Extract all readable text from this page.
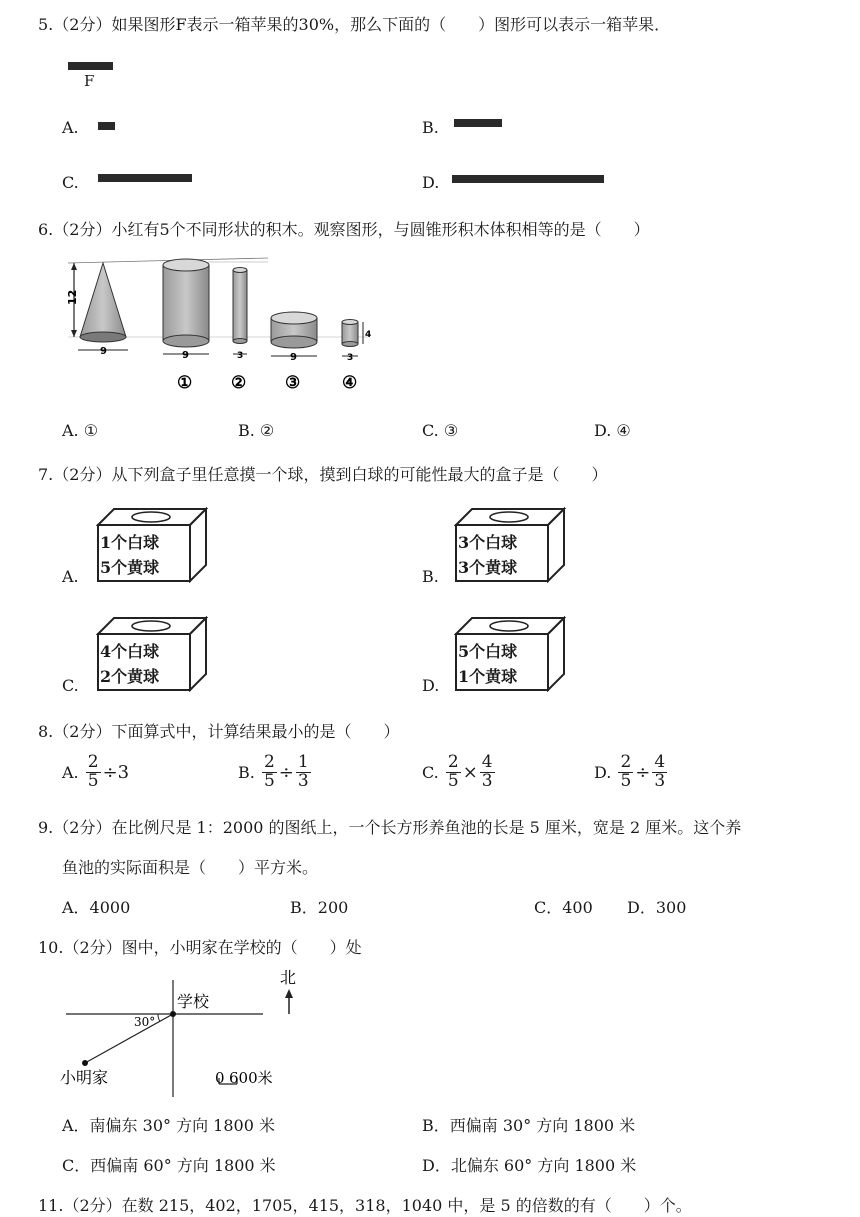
5.（2分）如果图形F表示一箱苹果的30%，那么下面的（　　）图形可以表示一箱苹果．
F
A.	B.
C.	D.
6.（2分）小红有5个不同形状的积木。观察图形，与圆锥形积木体积相等的是（　　）
12
9	9	3	9	3
4
① ② ③ ④
A. ①	B. ②	C. ③	D. ④
7.（2分）从下列盒子里任意摸一个球，摸到白球的可能性最大的盒子是（　　）
A.
1个白球
5个黄球	B.
3个白球
3个黄球
C.
4个白球
2个黄球	D.
5个白球
1个黄球
8.（2分）下面算式中，计算结果最小的是（　　）
A.
$\frac{2}{5} \div 3$	B.
$\frac{2}{5} \div \frac{1}{3}$	C.
$\frac{2}{5} \times \frac{4}{3}$	D.
$\frac{2}{5} \div \frac{4}{3}$
9.（2分）在比例尺是 1：2000 的图纸上，一个长方形养鱼池的长是 5 厘米，宽是 2 厘米。这个养
鱼池的实际面积是（　　）平方米。
A．4000	B．200	C．400 D．300
10.（2分）图中，小明家在学校的（　　）处
30°
学校
小明家
北
0 600米
A．南偏东 30° 方向 1800 米	B．西偏南 30° 方向 1800 米
C．西偏南 60° 方向 1800 米	D．北偏东 60° 方向 1800 米
11.（2分）在数 215，402，1705，415，318，1040 中，是 5 的倍数的有（　　）个。
